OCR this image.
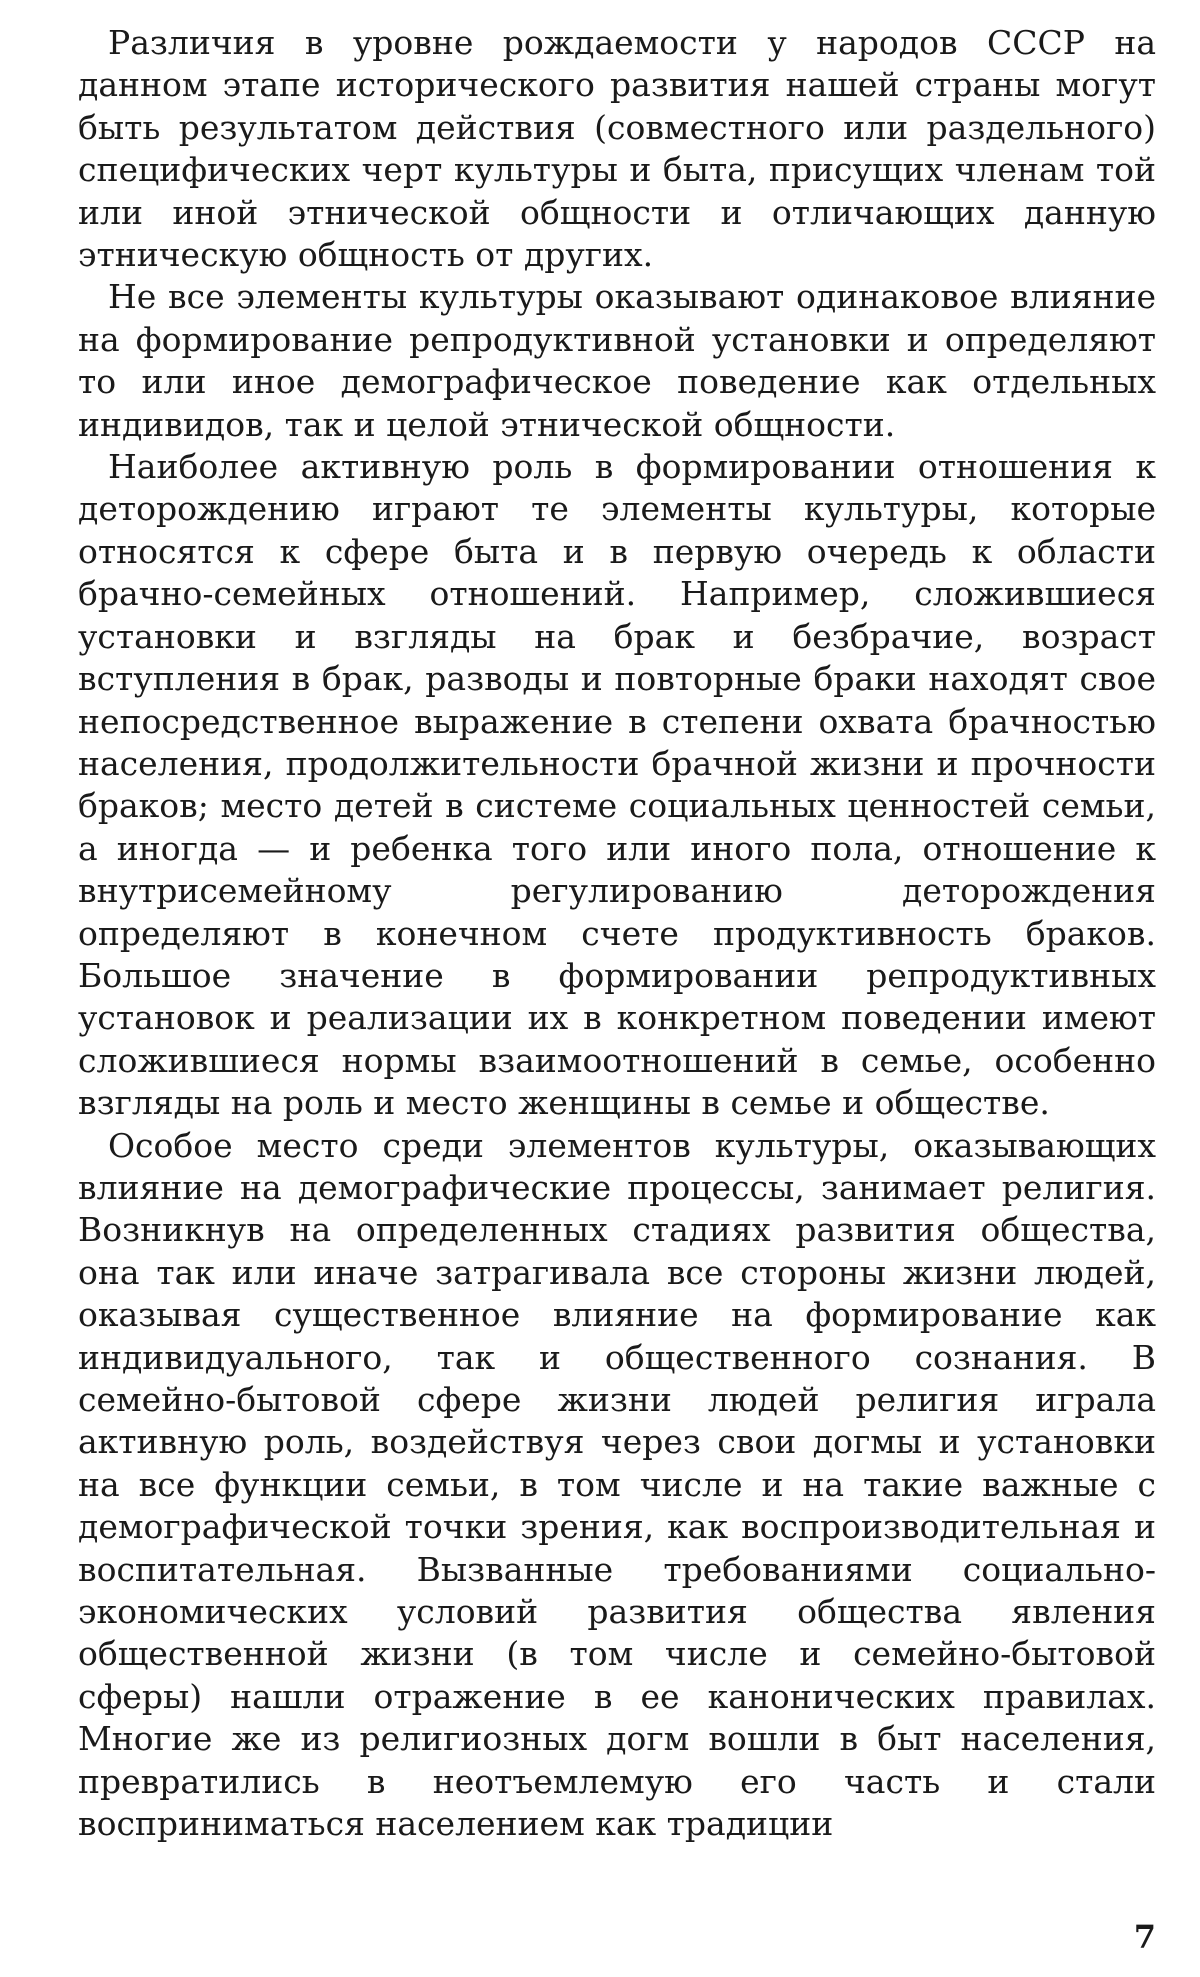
Различия в уровне рождаемости у народов СССР на данном этапе исторического развития нашей страны могут быть результатом действия (совместного или раздельного) специфических черт культуры и быта, присущих членам той или иной этнической общности и отличающих данную этническую общность от других.

Не все элементы культуры оказывают одинаковое влияние на формирование репродуктивной установки и определяют то или иное демографическое поведение как отдельных индивидов, так и целой этнической общности.

Наиболее активную роль в формировании отношения к деторождению играют те элементы культуры, которые относятся к сфере быта и в первую очередь к области брачно-семейных отношений. Например, сложившиеся установки и взгляды на брак и безбрачие, возраст вступления в брак, разводы и повторные браки находят свое непосредственное выражение в степени охвата брачностью населения, продолжительности брачной жизни и прочности браков; место детей в системе социальных ценностей семьи, а иногда — и ребенка того или иного пола, отношение к внутрисемейному регулированию деторождения определяют в конечном счете продуктивность браков. Большое значение в формировании репродуктивных установок и реализации их в конкретном поведении имеют сложившиеся нормы взаимоотношений в семье, особенно взгляды на роль и место женщины в семье и обществе.

Особое место среди элементов культуры, оказывающих влияние на демографические процессы, занимает религия. Возникнув на определенных стадиях развития общества, она так или иначе затрагивала все стороны жизни людей, оказывая существенное влияние на формирование как индивидуального, так и общественного сознания. В семейно-бытовой сфере жизни людей религия играла активную роль, воздействуя через свои догмы и установки на все функции семьи, в том числе и на такие важные с демографической точки зрения, как воспроизводительная и воспитательная. Вызванные требованиями социально-экономических условий развития общества явления общественной жизни (в том числе и семейно-бытовой сферы) нашли отражение в ее канонических правилах. Многие же из религиозных догм вошли в быт населения, превратились в неотъемлемую его часть и стали восприниматься населением как традиции

7
